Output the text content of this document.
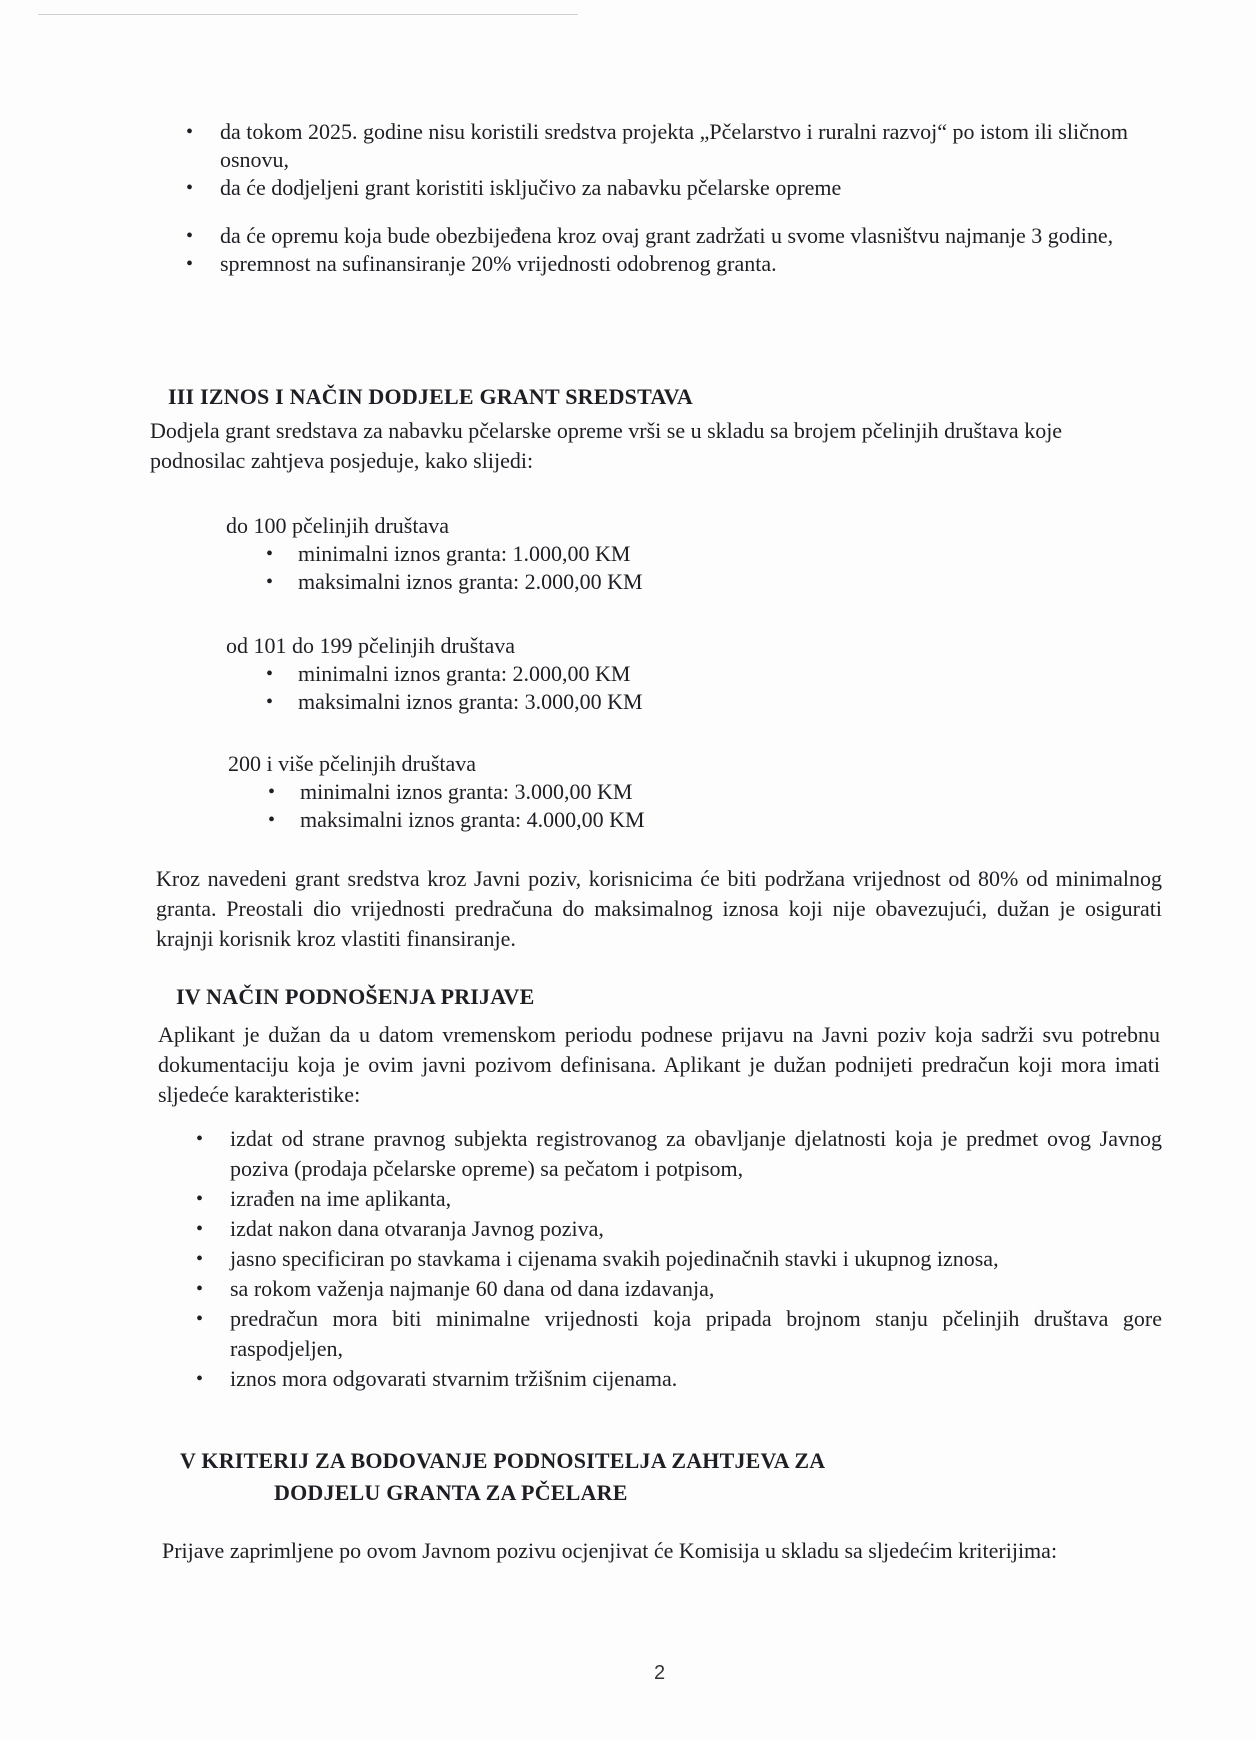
• da tokom 2025. godine nisu koristili sredstva projekta „Pčelarstvo i ruralni razvoj“ po istom ili sličnom osnovu,
• da će dodjeljeni grant koristiti isključivo za nabavku pčelarske opreme
• da će opremu koja bude obezbijeđena kroz ovaj grant zadržati u svome vlasništvu najmanje 3 godine,
• spremnost na sufinansiranje 20% vrijednosti odobrenog granta.
III IZNOS I NAČIN DODJELE GRANT SREDSTAVA

Dodjela grant sredstava za nabavku pčelarske opreme vrši se u skladu sa brojem pčelinjih društava koje podnosilac zahtjeva posjeduje, kako slijedi:

do 100 pčelinjih društava

• minimalni iznos granta: 1.000,00 KM
• maksimalni iznos granta: 2.000,00 KM

od 101 do 199 pčelinjih društava

• minimalni iznos granta: 2.000,00 KM
• maksimalni iznos granta: 3.000,00 KM

200 i više pčelinjih društava

• minimalni iznos granta: 3.000,00 KM
• maksimalni iznos granta: 4.000,00 KM

Kroz navedeni grant sredstva kroz Javni poziv, korisnicima će biti podržana vrijednost od 80% od minimalnog granta. Preostali dio vrijednosti predračuna do maksimalnog iznosa koji nije obavezujući, dužan je osigurati krajnji korisnik kroz vlastiti finansiranje.

IV NAČIN PODNOŠENJA PRIJAVE

Aplikant je dužan da u datom vremenskom periodu podnese prijavu na Javni poziv koja sadrži svu potrebnu dokumentaciju koja je ovim javni pozivom definisana. Aplikant je dužan podnijeti predračun koji mora imati sljedeće karakteristike:

• izdat od strane pravnog subjekta registrovanog za obavljanje djelatnosti koja je predmet ovog Javnog poziva (prodaja pčelarske opreme) sa pečatom i potpisom,
• izrađen na ime aplikanta,
• izdat nakon dana otvaranja Javnog poziva,
• jasno specificiran po stavkama i cijenama svakih pojedinačnih stavki i ukupnog iznosa,
• sa rokom važenja najmanje 60 dana od dana izdavanja,
• predračun mora biti minimalne vrijednosti koja pripada brojnom stanju pčelinjih društava gore raspodjeljen,
• iznos mora odgovarati stvarnim tržišnim cijenama.
V KRITERIJ ZA BODOVANJE PODNOSITELJA ZAHTJEVA ZA
DODJELU GRANTA ZA PČELARE

Prijave zaprimljene po ovom Javnom pozivu ocjenjivat će Komisija u skladu sa sljedećim kriterijima:

2
